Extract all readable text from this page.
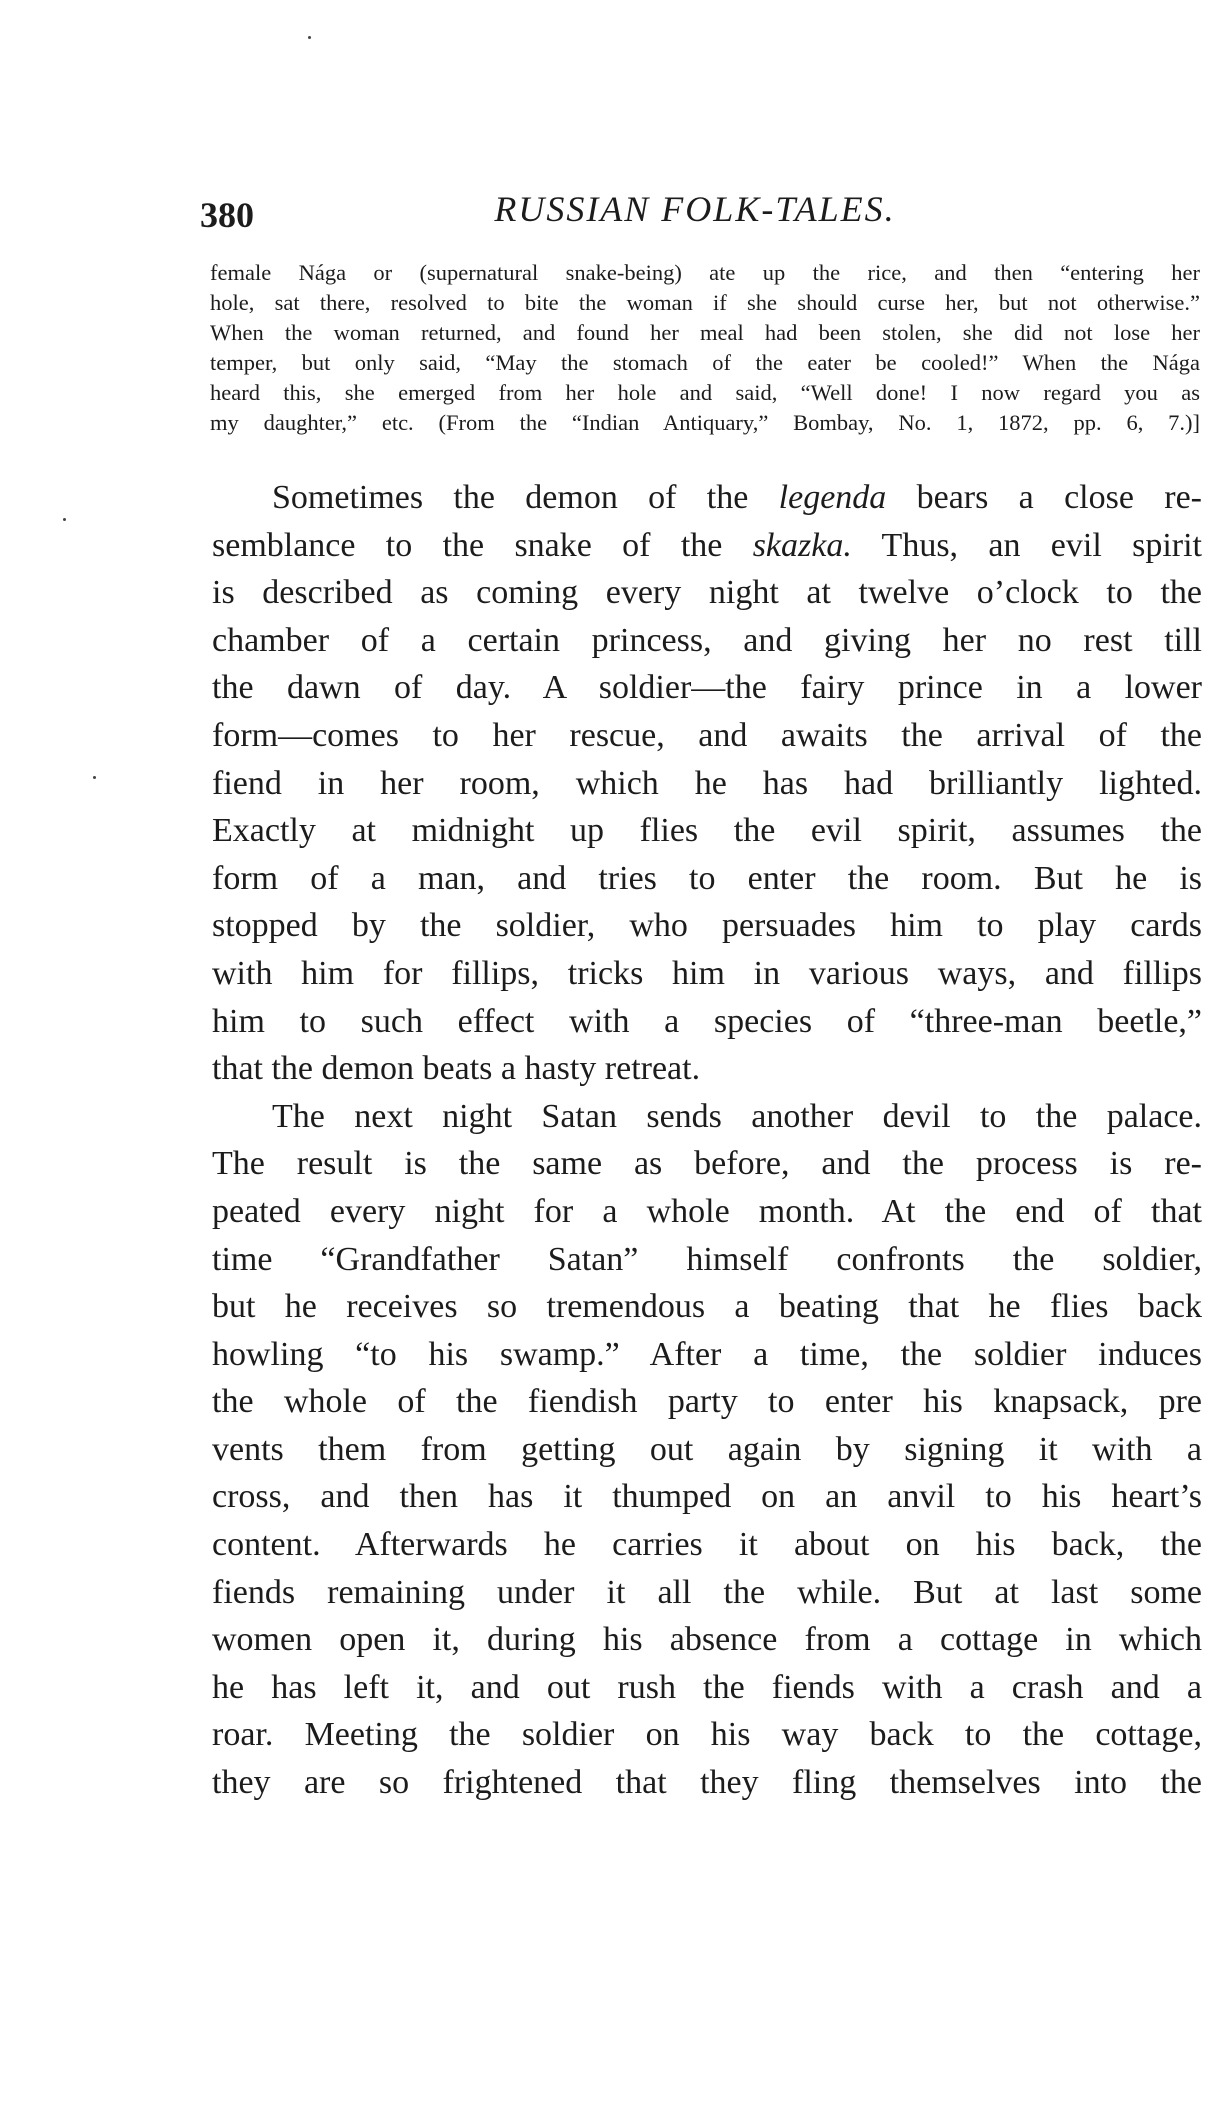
380	RUSSIAN FOLK-TALES.
female Nága or (supernatural snake-being) ate up the rice, and then “entering her
hole, sat there, resolved to bite the woman if she should curse her, but not otherwise.”
When the woman returned, and found her meal had been stolen, she did not lose her
temper, but only said, “May the stomach of the eater be cooled!” When the Nága
heard this, she emerged from her hole and said, “Well done! I now regard you as
my daughter,” etc. (From the “Indian Antiquary,” Bombay, No. 1, 1872, pp. 6, 7.)]
Sometimes the demon of the legenda bears a close re-
semblance to the snake of the skazka. Thus, an evil spirit
is described as coming every night at twelve o’clock to the
chamber of a certain princess, and giving her no rest till
the dawn of day. A soldier—the fairy prince in a lower
form—comes to her rescue, and awaits the arrival of the
fiend in her room, which he has had brilliantly lighted.
Exactly at midnight up flies the evil spirit, assumes the
form of a man, and tries to enter the room. But he is
stopped by the soldier, who persuades him to play cards
with him for fillips, tricks him in various ways, and fillips
him to such effect with a species of “three-man beetle,”
that the demon beats a hasty retreat.
The next night Satan sends another devil to the palace.
The result is the same as before, and the process is re-
peated every night for a whole month. At the end of that
time “Grandfather Satan” himself confronts the soldier,
but he receives so tremendous a beating that he flies back
howling “to his swamp.” After a time, the soldier induces
the whole of the fiendish party to enter his knapsack, pre
vents them from getting out again by signing it with a
cross, and then has it thumped on an anvil to his heart’s
content. Afterwards he carries it about on his back, the
fiends remaining under it all the while. But at last some
women open it, during his absence from a cottage in which
he has left it, and out rush the fiends with a crash and a
roar. Meeting the soldier on his way back to the cottage,
they are so frightened that they fling themselves into the
